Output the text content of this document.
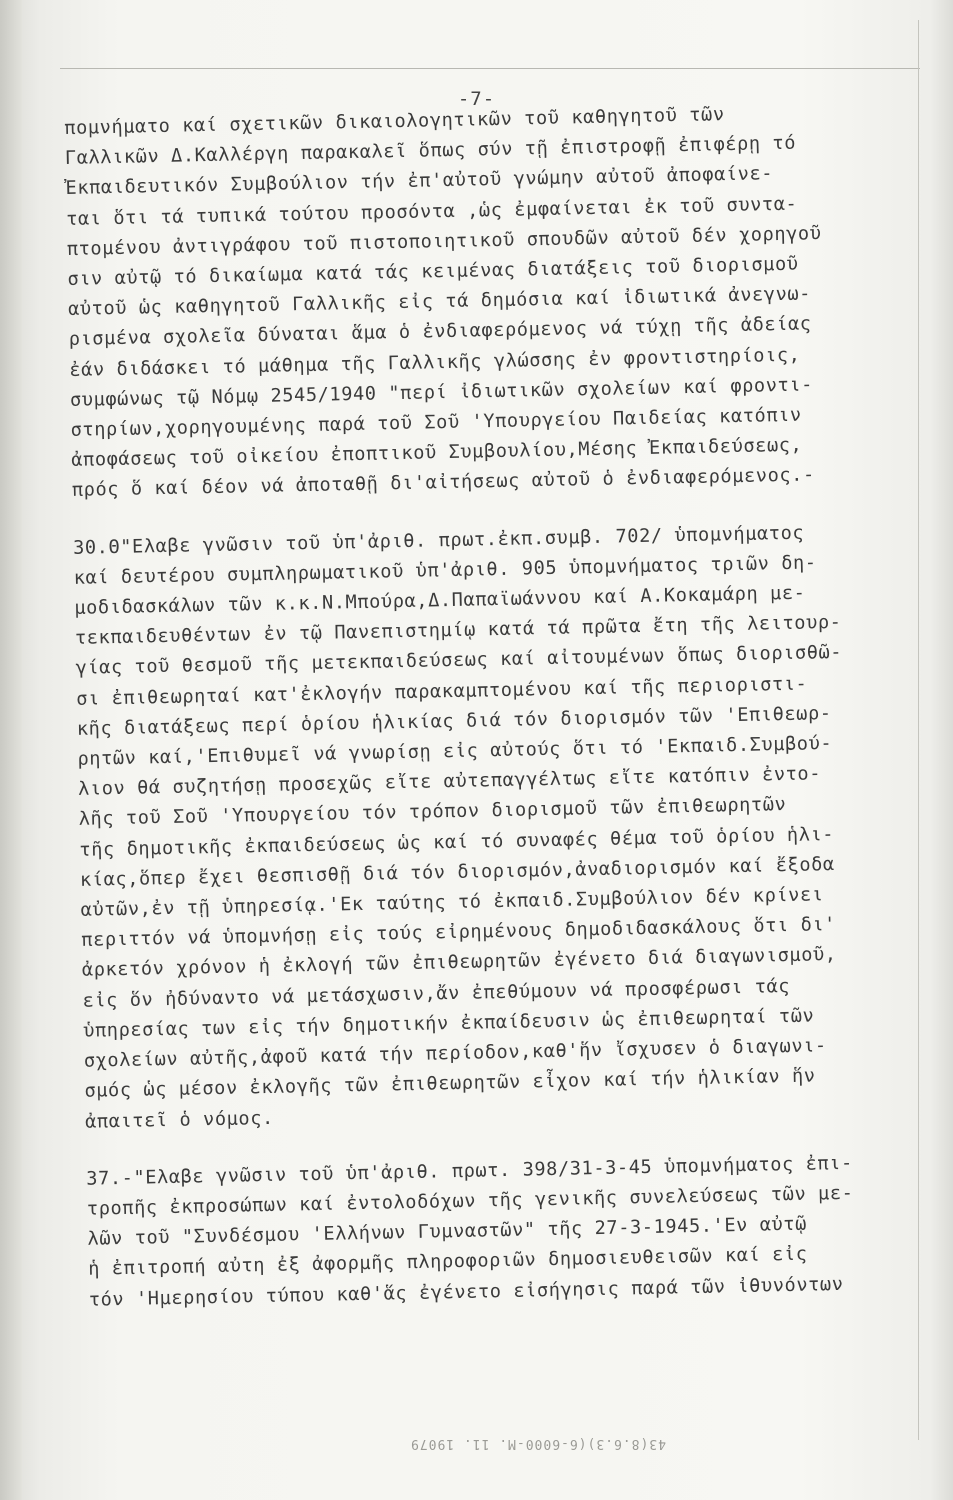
-7-
πομνήματο καί σχετικῶν δικαιολογητικῶν τοῦ καθηγητοῦ τῶν
Γαλλικῶν Δ.Καλλέργη παρακαλεῖ ὅπως σύν τῇ ἐπιστροφῇ ἐπιφέρῃ τό
Ἐκπαιδευτικόν Συμβούλιον τήν ἐπ'αὐτοῦ γνώμην αὐτοῦ ἀποφαίνε-
ται ὅτι τά τυπικά τούτου προσόντα ,ὡς ἐμφαίνεται ἐκ τοῦ συντα-
πτομένου ἀντιγράφου τοῦ πιστοποιητικοῦ σπουδῶν αὐτοῦ δέν χορηγοῦ
σιν αὐτῷ τό δικαίωμα κατά τάς κειμένας διατάξεις τοῦ διορισμοῦ
αὐτοῦ ὡς καθηγητοῦ Γαλλικῆς εἰς τά δημόσια καί ἰδιωτικά ἀνεγνω-
ρισμένα σχολεῖα δύναται ἅμα ὁ ἐνδιαφερόμενος νά τύχῃ τῆς ἀδείας
ἐάν διδάσκει τό μάθημα τῆς Γαλλικῆς γλώσσης ἐν φροντιστηρίοις,
συμφώνως τῷ Νόμῳ 2545/1940 "περί ἰδιωτικῶν σχολείων καί φροντι-
στηρίων,χορηγουμένης παρά τοῦ Σοῦ 'Υπουργείου Παιδείας κατόπιν
ἀποφάσεως τοῦ οἰκείου ἐποπτικοῦ Συμβουλίου,Μέσης Ἐκπαιδεύσεως,
πρός ὅ καί δέον νά ἀποταθῇ δι'αἰτήσεως αὐτοῦ ὁ ἐνδιαφερόμενος.-
30.Θ"Ελαβε γνῶσιν τοῦ ὑπ'ἀριθ. πρωτ.ἐκπ.συμβ. 702/ ὑπομνήματος
καί δευτέρου συμπληρωματικοῦ ὑπ'ἀριθ. 905 ὑπομνήματος τριῶν δη-
μοδιδασκάλων τῶν κ.κ.Ν.Μπούρα,Δ.Παπαϊωάννου καί Α.Κοκαμάρη με-
τεκπαιδευθέντων ἐν τῷ Πανεπιστημίῳ κατά τά πρῶτα ἔτη τῆς λειτουρ-
γίας τοῦ θεσμοῦ τῆς μετεκπαιδεύσεως καί αἰτουμένων ὅπως διορισθῶ-
σι ἐπιθεωρηταί κατ'ἐκλογήν παρακαμπτομένου καί τῆς περιοριστι-
κῆς διατάξεως περί ὁρίου ἡλικίας διά τόν διορισμόν τῶν 'Επιθεωρ-
ρητῶν καί,'Επιθυμεῖ νά γνωρίσῃ εἰς αὐτούς ὅτι τό 'Εκπαιδ.Συμβού-
λιον θά συζητήσῃ προσεχῶς εἴτε αὐτεπαγγέλτως εἴτε κατόπιν ἐντο-
λῆς τοῦ Σοῦ 'Υπουργείου τόν τρόπον διορισμοῦ τῶν ἐπιθεωρητῶν
τῆς δημοτικῆς ἐκπαιδεύσεως ὡς καί τό συναφές θέμα τοῦ ὁρίου ἡλι-
κίας,ὅπερ ἔχει θεσπισθῇ διά τόν διορισμόν,ἀναδιορισμόν καί ἔξοδα
αὐτῶν,ἐν τῇ ὑπηρεσίᾳ.'Εκ ταύτης τό ἐκπαιδ.Συμβούλιον δέν κρίνει
περιττόν νά ὑπομνήσῃ εἰς τούς εἰρημένους δημοδιδασκάλους ὅτι δι'
ἀρκετόν χρόνον ἡ ἐκλογή τῶν ἐπιθεωρητῶν ἐγένετο διά διαγωνισμοῦ,
εἰς ὅν ἠδύναντο νά μετάσχωσιν,ἄν ἐπεθύμουν νά προσφέρωσι τάς
ὑπηρεσίας των εἰς τήν δημοτικήν ἐκπαίδευσιν ὡς ἐπιθεωρηταί τῶν
σχολείων αὐτῆς,ἀφοῦ κατά τήν περίοδον,καθ'ἥν ἴσχυσεν ὁ διαγωνι-
σμός ὡς μέσον ἐκλογῆς τῶν ἐπιθεωρητῶν εἶχον καί τήν ἡλικίαν ἥν
ἀπαιτεῖ ὁ νόμος.
37.-"Ελαβε γνῶσιν τοῦ ὑπ'ἀριθ. πρωτ. 398/31-3-45 ὑπομνήματος ἐπι-
τροπῆς ἐκπροσώπων καί ἐντολοδόχων τῆς γενικῆς συνελεύσεως τῶν με-
λῶν τοῦ "Συνδέσμου 'Ελλήνων Γυμναστῶν" τῆς 27-3-1945.'Εν αὐτῷ
ἡ ἐπιτροπή αὐτη ἐξ ἀφορμῆς πληροφοριῶν δημοσιευθεισῶν καί εἰς
τόν 'Ημερησίου τύπου καθ'ἅς ἐγένετο εἰσήγησις παρά τῶν ἰθυνόντων
43(8.6.3)(6-6000-M. 11. 19079
